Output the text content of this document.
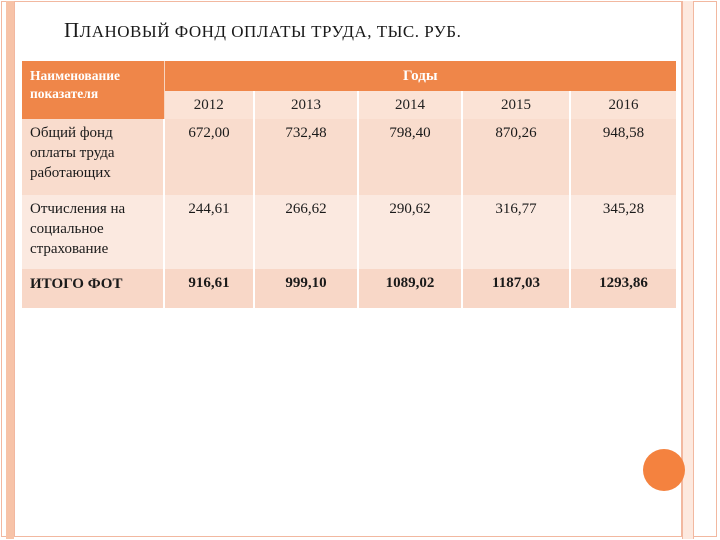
ПЛАНОВЫЙ ФОНД ОПЛАТЫ ТРУДА, ТЫС. РУБ.
Наименование показателя	Годы				
	2012	2013	2014	2015	2016
Общий фонд оплаты труда работающих	672,00	732,48	798,40	870,26	948,58
Отчисления на социальное страхование	244,61	266,62	290,62	316,77	345,28
ИТОГО ФОТ	916,61	999,10	1089,02	1187,03	1293,86
